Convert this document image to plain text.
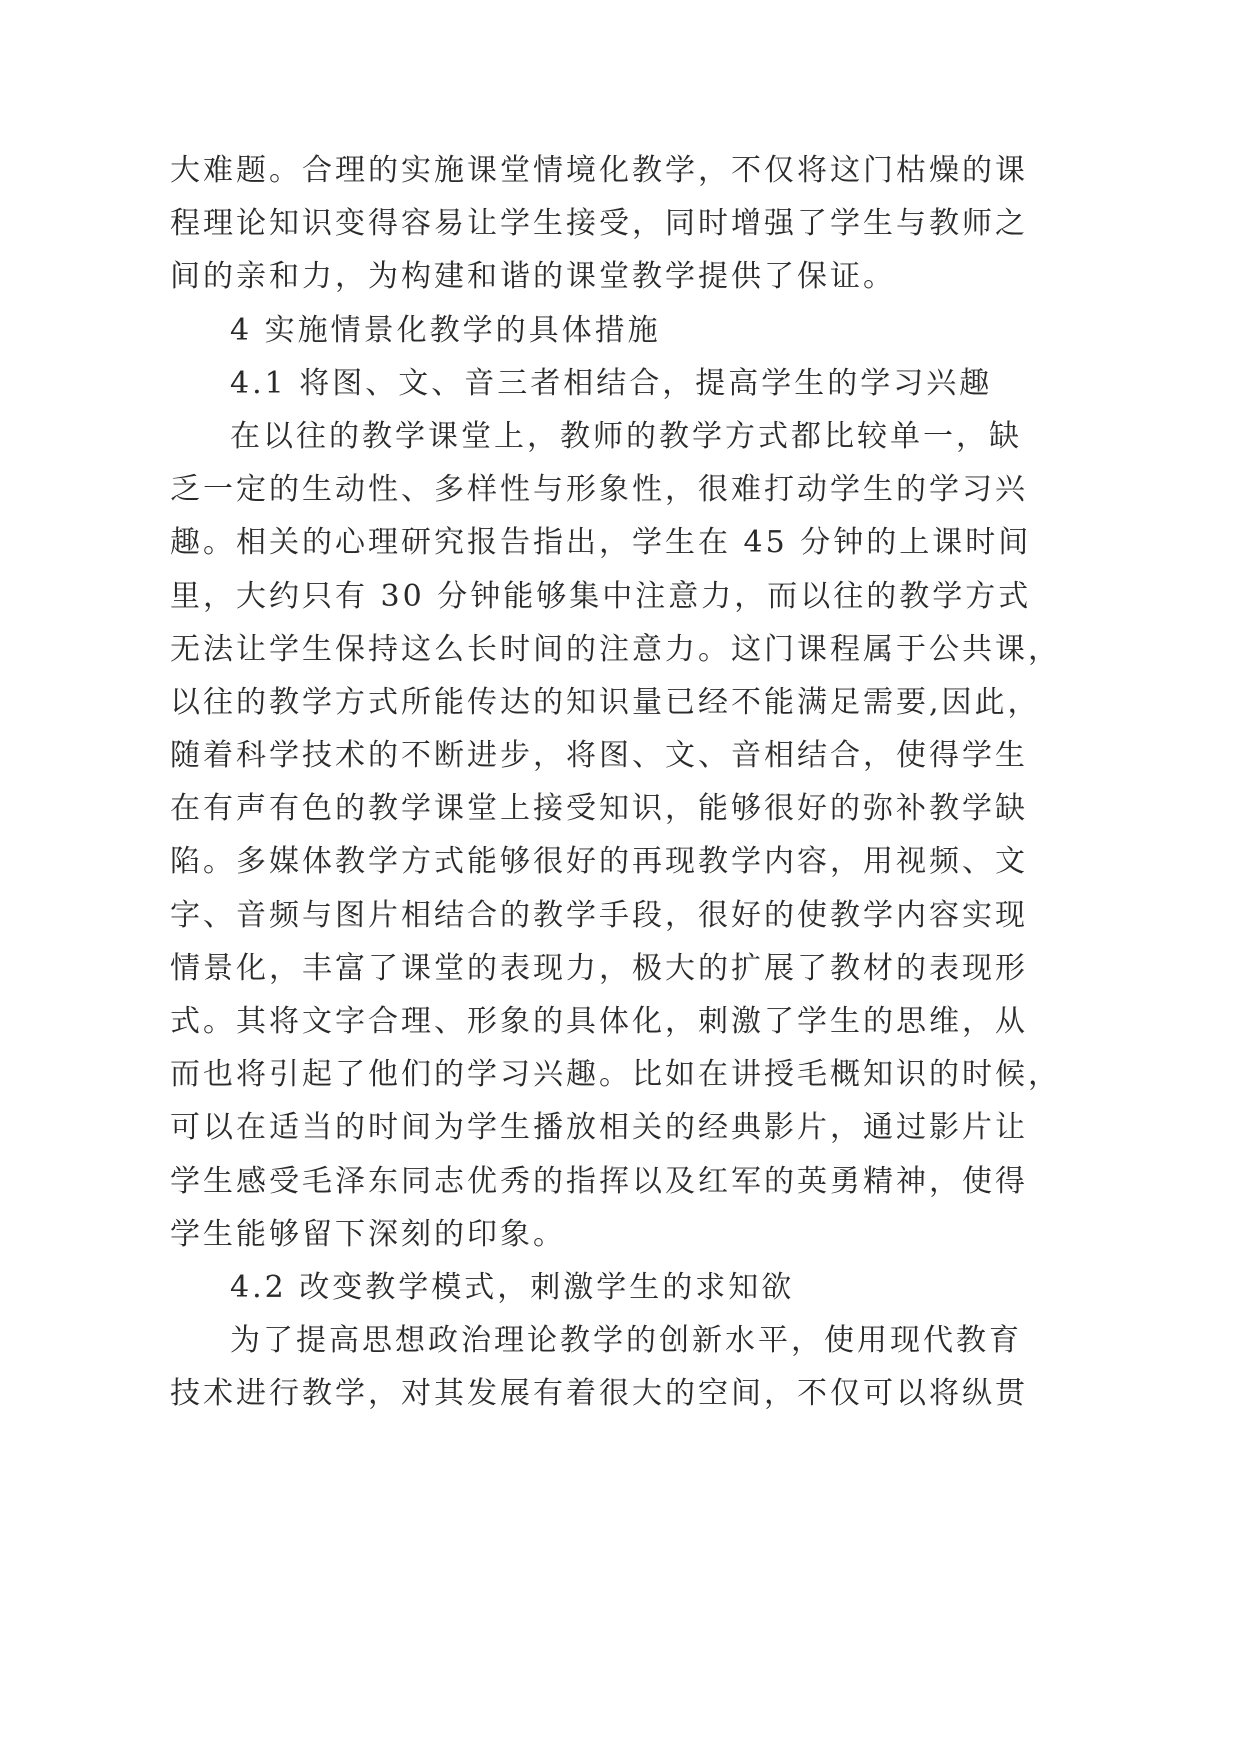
大难题。合理的实施课堂情境化教学，不仅将这门枯燥的课
程理论知识变得容易让学生接受，同时增强了学生与教师之
间的亲和力，为构建和谐的课堂教学提供了保证。
4 实施情景化教学的具体措施
4.1 将图、文、音三者相结合，提高学生的学习兴趣
在以往的教学课堂上，教师的教学方式都比较单一，缺
乏一定的生动性、多样性与形象性，很难打动学生的学习兴
趣。相关的心理研究报告指出，学生在 45 分钟的上课时间
里，大约只有 30 分钟能够集中注意力，而以往的教学方式
无法让学生保持这么长时间的注意力。这门课程属于公共课，
以往的教学方式所能传达的知识量已经不能满足需要,因此，
随着科学技术的不断进步，将图、文、音相结合，使得学生
在有声有色的教学课堂上接受知识，能够很好的弥补教学缺
陷。多媒体教学方式能够很好的再现教学内容，用视频、文
字、音频与图片相结合的教学手段，很好的使教学内容实现
情景化，丰富了课堂的表现力，极大的扩展了教材的表现形
式。其将文字合理、形象的具体化，刺激了学生的思维，从
而也将引起了他们的学习兴趣。比如在讲授毛概知识的时候，
可以在适当的时间为学生播放相关的经典影片，通过影片让
学生感受毛泽东同志优秀的指挥以及红军的英勇精神，使得
学生能够留下深刻的印象。
4.2 改变教学模式，刺激学生的求知欲
为了提高思想政治理论教学的创新水平，使用现代教育
技术进行教学，对其发展有着很大的空间，不仅可以将纵贯
